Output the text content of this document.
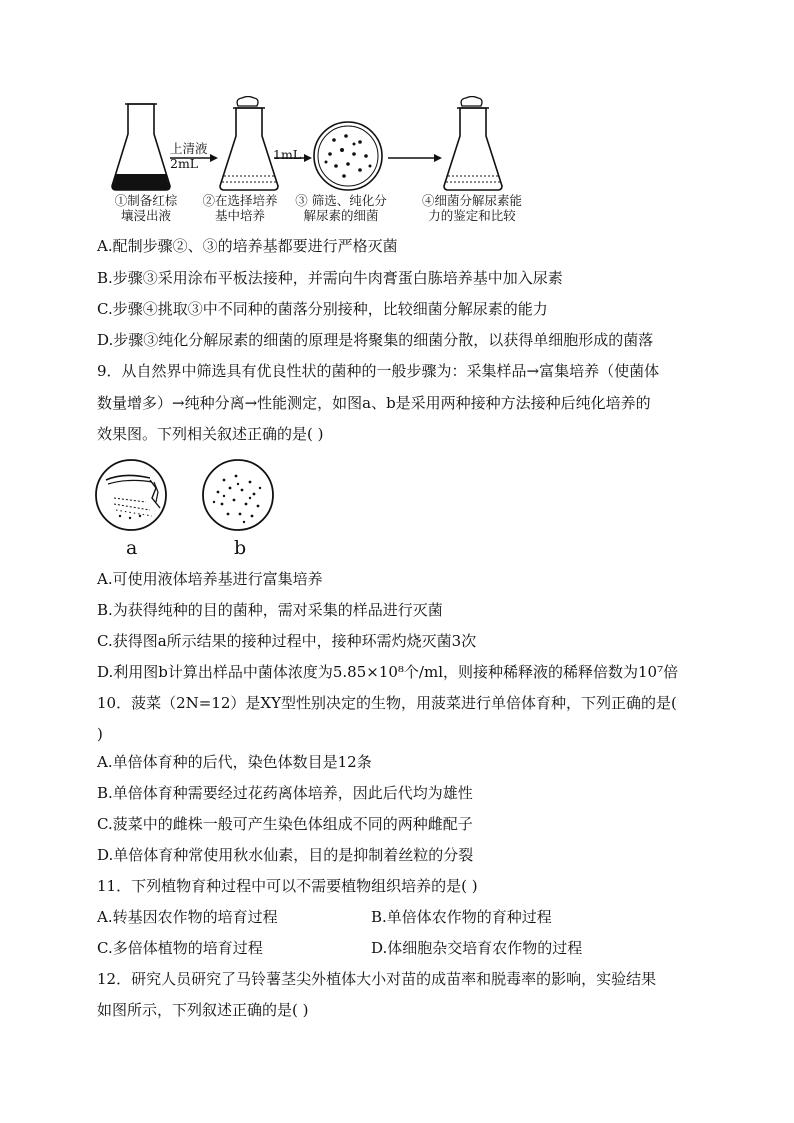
上清液
2mL
1mL
①制备红棕
壤浸出液
②在选择培养
基中培养
③ 筛选、纯化分
解尿素的细菌
④细菌分解尿素能
力的鉴定和比较
A.配制步骤②、③的培养基都要进行严格灭菌
B.步骤③采用涂布平板法接种，并需向牛肉膏蛋白胨培养基中加入尿素
C.步骤④挑取③中不同种的菌落分别接种，比较细菌分解尿素的能力
D.步骤③纯化分解尿素的细菌的原理是将聚集的细菌分散，以获得单细胞形成的菌落
9．从自然界中筛选具有优良性状的菌种的一般步骤为：采集样品→富集培养（使菌体
数量增多）→纯种分离→性能测定，如图a、b是采用两种接种方法接种后纯化培养的
效果图。下列相关叙述正确的是( )
a	b
A.可使用液体培养基进行富集培养
B.为获得纯种的目的菌种，需对采集的样品进行灭菌
C.获得图a所示结果的接种过程中，接种环需灼烧灭菌3次
D.利用图b计算出样品中菌体浓度为5.85×10⁸个/ml，则接种稀释液的稀释倍数为10⁷倍
10．菠菜（2N=12）是XY型性别决定的生物，用菠菜进行单倍体育种，下列正确的是(
)
A.单倍体育种的后代，染色体数目是12条
B.单倍体育种需要经过花药离体培养，因此后代均为雄性
C.菠菜中的雌株一般可产生染色体组成不同的两种雌配子
D.单倍体育种常使用秋水仙素，目的是抑制着丝粒的分裂
11．下列植物育种过程中可以不需要植物组织培养的是( )
A.转基因农作物的培育过程	B.单倍体农作物的育种过程
C.多倍体植物的培育过程	D.体细胞杂交培育农作物的过程
12．研究人员研究了马铃薯茎尖外植体大小对苗的成苗率和脱毒率的影响，实验结果
如图所示，下列叙述正确的是( )
